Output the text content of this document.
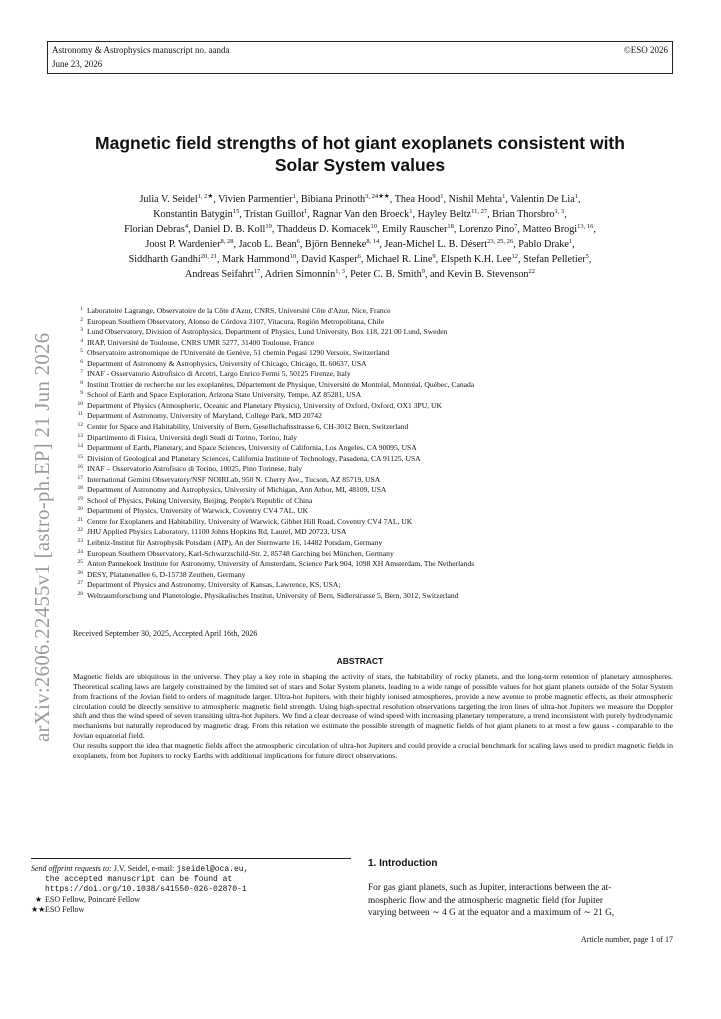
Astronomy & Astrophysics manuscript no. aanda
June 23, 2026
©ESO 2026
Magnetic field strengths of hot giant exoplanets consistent with
Solar System values
Julia V. Seidel$^{1, 2★}$, Vivien Parmentier$^1$, Bibiana Prinoth$^{3, 24★★}$, Thea Hood$^1$, Nishil Mehta$^1$, Valentin De Lia$^1$,
Konstantin Batygin$^{15}$, Tristan Guillot$^1$, Ragnar Van den Broeck$^1$, Hayley Beltz$^{11, 27}$, Brian Thorsbro$^{1, 3}$,
Florian Debras$^4$, Daniel D. B. Koll$^{19}$, Thaddeus D. Komacek$^{10}$, Emily Rauscher$^{18}$, Lorenzo Pino$^7$, Matteo Brogi$^{13, 16}$,
Joost P. Wardenier$^{8, 28}$, Jacob L. Bean$^6$, Björn Benneke$^{8, 14}$, Jean-Michel L. B. Désert$^{23, 25, 26}$, Pablo Drake$^1$,
Siddharth Gandhi$^{20, 21}$, Mark Hammond$^{10}$, David Kasper$^6$, Michael R. Line$^9$, Elspeth K.H. Lee$^{12}$, Stefan Pelletier$^5$,
Andreas Seifahrt$^{17}$, Adrien Simonnin$^{1, 3}$, Peter C. B. Smith$^9$, and Kevin B. Stevenson$^{22}$
arXiv:2606.22455v1 [astro-ph.EP] 21 Jun 2026
1 Laboratoire Lagrange, Observatoire de la Côte d'Azur, CNRS, Université Côte d'Azur, Nice, France
2 European Southern Observatory, Alonso de Córdova 3107, Vitacura, Región Metropolitana, Chile
3 Lund Observatory, Division of Astrophysics, Department of Physics, Lund University, Box 118, 221 00 Lund, Sweden
4 IRAP, Université de Toulouse, CNRS UMR 5277, 31400 Toulouse, France
5 Observatoire astronomique de l'Université de Genève, 51 chemin Pegasi 1290 Versoix, Switzerland
6 Department of Astronomy & Astrophysics, University of Chicago, Chicago, IL 60637, USA
7 INAF - Osservatorio Astrofisico di Arcetri, Largo Enrico Fermi 5, 50125 Firenze, Italy
8 Institut Trottier de recherche sur les exoplanètes, Département de Physique, Université de Montréal, Montréal, Québec, Canada
9 School of Earth and Space Exploration, Arizona State University, Tempe, AZ 85281, USA
10 Department of Physics (Atmospheric, Oceanic and Planetary Physics), University of Oxford, Oxford, OX1 3PU, UK
11 Department of Astronomy, University of Maryland, College Park, MD 20742
12 Center for Space and Habitability, University of Bern, Gesellschaftsstrasse 6, CH-3012 Bern, Switzerland
13 Dipartimento di Fisica, Università degli Studi di Torino, Torino, Italy
14 Department of Earth, Planetary, and Space Sciences, University of California, Los Angeles, CA 90095, USA
15 Division of Geological and Planetary Sciences, California Institute of Technology, Pasadena, CA 91125, USA
16 INAF – Osservatorio Astrofisico di Torino, 10025, Pino Torinese, Italy
17 International Gemini Observatory/NSF NOIRLab, 950 N. Cherry Ave., Tucson, AZ 85719, USA
18 Department of Astronomy and Astrophysics, University of Michigan, Ann Arbor, MI, 48109, USA
19 School of Physics, Peking University, Beijing, People's Republic of China
20 Department of Physics, University of Warwick, Coventry CV4 7AL, UK
21 Centre for Exoplanets and Habitability, University of Warwick, Gibbet Hill Road, Coventry CV4 7AL, UK
22 JHU Applied Physics Laboratory, 11100 Johns Hopkins Rd, Laurel, MD 20723, USA
23 Leibniz-Institut für Astrophysik Potsdam (AIP), An der Sternwarte 16, 14482 Potsdam, Germany
24 European Southern Observatory, Karl-Schwarzschild-Str. 2, 85748 Garching bei München, Germany
25 Anton Pannekoek Institute for Astronomy, University of Amsterdam, Science Park 904, 1098 XH Amsterdam, The Netherlands
26 DESY, Platanenallee 6, D-15738 Zeuthen, Germany
27 Department of Physics and Astronomy, University of Kansas, Lawrence, KS, USA;
28 Weltraumforschung und Planetologie, Physikalisches Institut, University of Bern, Sidlerstrasse 5, Bern, 3012, Switzerland
Received September 30, 2025, Accepted April 16th, 2026
ABSTRACT

Magnetic fields are ubiquitous in the universe. They play a key role in shaping the activity of stars, the habitability of rocky planets, and the long-term retention of planetary atmospheres. Theoretical scaling laws are largely constrained by the limited set of stars and Solar System planets, leading to a wide range of possible values for hot giant planets outside of the Solar System from fractions of the Jovian field to orders of magnitude larger. Ultra-hot Jupiters, with their highly ionised atmospheres, provide a new avenue to probe magnetic effects, as their atmospheric circulation could be directly sensitive to atmospheric magnetic field strength. Using high-spectral resolution observations targeting the iron lines of ultra-hot Jupiters we measure the Doppler shift and thus the wind speed of seven transiting ultra-hot Jupiters. We find a clear decrease of wind speed with increasing planetary temperature, a trend inconsistent with purely hydrodynamic mechanisms but naturally reproduced by magnetic drag. From this relation we estimate the possible strength of magnetic fields of hot giant planets to at most a few gauss - comparable to the Jovian equatorial field.

Our results support the idea that magnetic fields affect the atmospheric circulation of ultra-hot Jupiters and could provide a crucial benchmark for scaling laws used to predict magnetic fields in exoplanets, from hot Jupiters to rocky Earths with additional implications for future direct observations.

Send offprint requests to: J.V. Seidel, e-mail: jseidel@oca.eu,
the accepted manuscript can be found at
https://doi.org/10.1038/s41550-026-02870-1
★ ESO Fellow, Poincaré Fellow
★★ESO Fellow
1. Introduction
For gas giant planets, such as Jupiter, interactions between the at-
mospheric flow and the atmospheric magnetic field (for Jupiter
varying between ∼ 4 G at the equator and a maximum of ∼ 21 G,
Article number, page 1 of 17
